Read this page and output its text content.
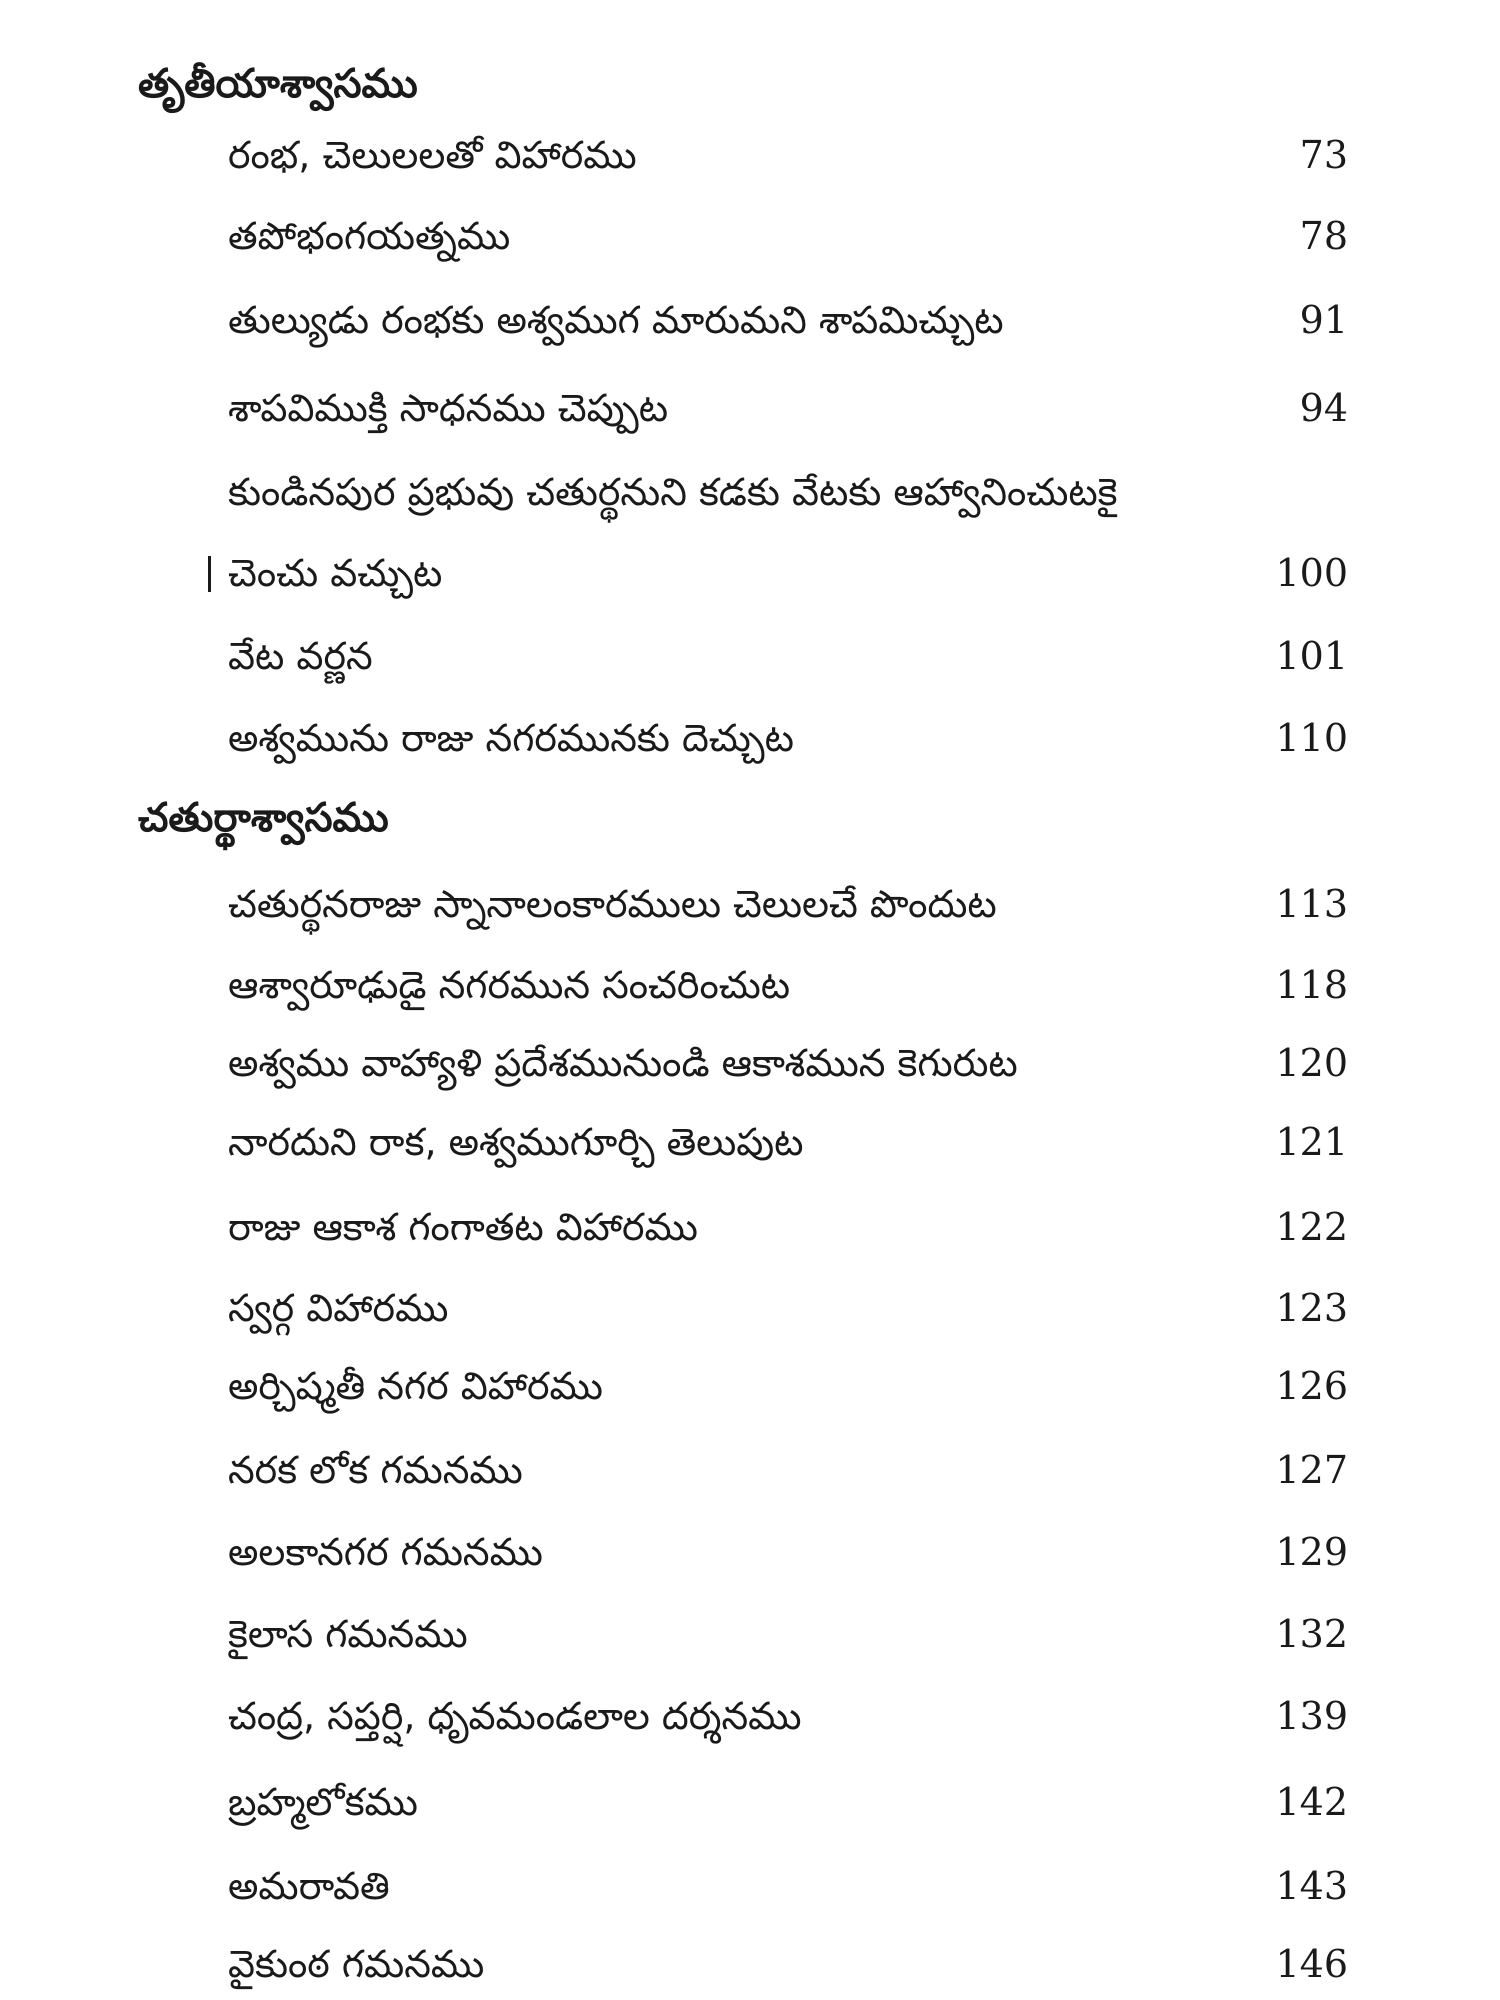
తృతీయాశ్వాసము
రంభ, చెలులలతో విహారము	73
తపోభంగయత్నము	78
తుల్యుడు రంభకు అశ్వముగ మారుమని శాపమిచ్చుట	91
శాపవిముక్తి సాధనము చెప్పుట	94
కుండినపుర ప్రభువు చతుర్థనుని కడకు వేటకు ఆహ్వానించుటకై
చెంచు వచ్చుట	100
వేట వర్ణన	101
అశ్వమును రాజు నగరమునకు దెచ్చుట	110
చతుర్థాశ్వాసము
చతుర్థనరాజు స్నానాలంకారములు చెలులచే పొందుట	113
ఆశ్వారూఢుడై నగరమున సంచరించుట	118
అశ్వము వాహ్యాళి ప్రదేశమునుండి ఆకాశమున కెగురుట	120
నారదుని రాక, అశ్వముగూర్చి తెలుపుట	121
రాజు ఆకాశ గంగాతట విహారము	122
స్వర్గ విహారము	123
అర్చిష్మతీ నగర విహారము	126
నరక లోక గమనము	127
అలకానగర గమనము	129
కైలాస గమనము	132
చంద్ర, సప్తర్షి, ధృవమండలాల దర్శనము	139
బ్రహ్మలోకము	142
అమరావతి	143
వైకుంఠ గమనము	146
